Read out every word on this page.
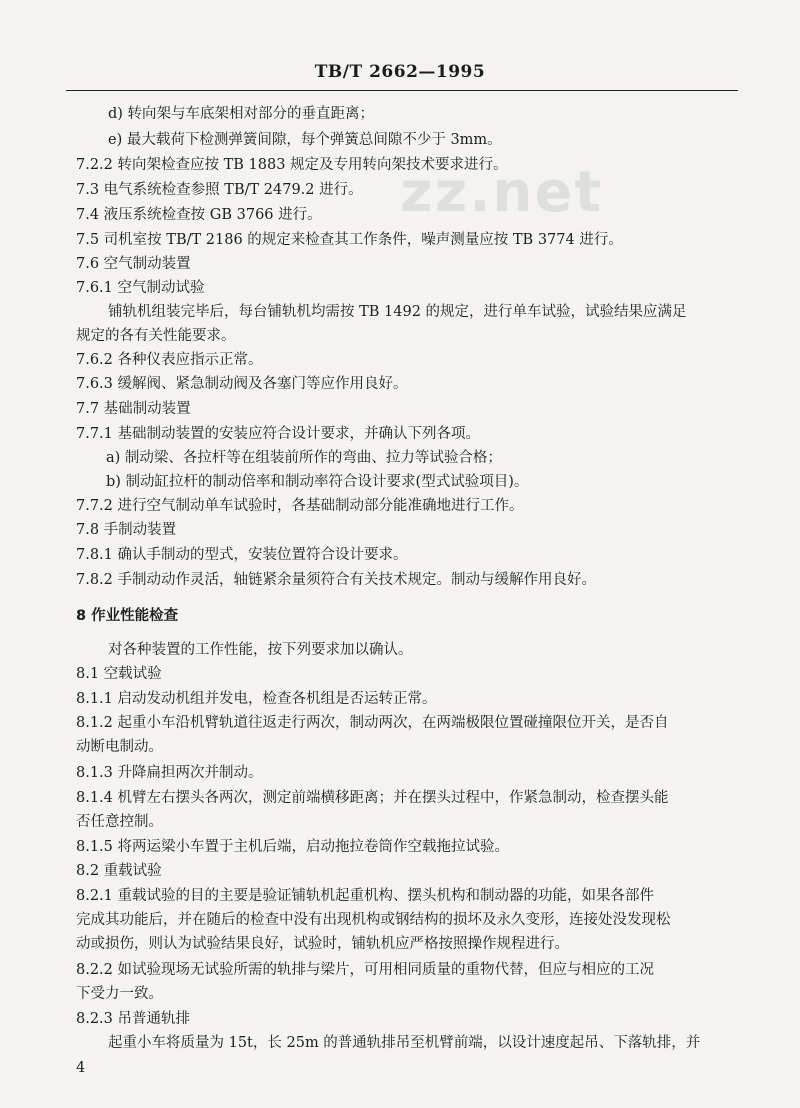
TB/T 2662—1995
zz.net
d) 转向架与车底架相对部分的垂直距离；
e) 最大载荷下检测弹簧间隙，每个弹簧总间隙不少于 3mm。
7.2.2 转向架检查应按 TB 1883 规定及专用转向架技术要求进行。
7.3 电气系统检查参照 TB/T 2479.2 进行。
7.4 液压系统检查按 GB 3766 进行。
7.5 司机室按 TB/T 2186 的规定来检查其工作条件，噪声测量应按 TB 3774 进行。
7.6 空气制动装置
7.6.1 空气制动试验
铺轨机组装完毕后，每台铺轨机均需按 TB 1492 的规定，进行单车试验，试验结果应满足
规定的各有关性能要求。
7.6.2 各种仪表应指示正常。
7.6.3 缓解阀、紧急制动阀及各塞门等应作用良好。
7.7 基础制动装置
7.7.1 基础制动装置的安装应符合设计要求，并确认下列各项。
a) 制动梁、各拉杆等在组装前所作的弯曲、拉力等试验合格；
b) 制动缸拉杆的制动倍率和制动率符合设计要求(型式试验项目)。
7.7.2 进行空气制动单车试验时，各基础制动部分能准确地进行工作。
7.8 手制动装置
7.8.1 确认手制动的型式，安装位置符合设计要求。
7.8.2 手制动动作灵活，轴链紧余量须符合有关技术规定。制动与缓解作用良好。
8 作业性能检查
对各种装置的工作性能，按下列要求加以确认。
8.1 空载试验
8.1.1 启动发动机组并发电，检查各机组是否运转正常。
8.1.2 起重小车沿机臂轨道往返走行两次，制动两次，在两端极限位置碰撞限位开关，是否自
动断电制动。
8.1.3 升降扁担两次并制动。
8.1.4 机臂左右摆头各两次，测定前端横移距离；并在摆头过程中，作紧急制动，检查摆头能
否任意控制。
8.1.5 将两运梁小车置于主机后端，启动拖拉卷筒作空载拖拉试验。
8.2 重载试验
8.2.1 重载试验的目的主要是验证铺轨机起重机构、摆头机构和制动器的功能，如果各部件
完成其功能后，并在随后的检查中没有出现机构或钢结构的损坏及永久变形，连接处没发现松
动或损伤，则认为试验结果良好，试验时，铺轨机应严格按照操作规程进行。
8.2.2 如试验现场无试验所需的轨排与梁片，可用相同质量的重物代替，但应与相应的工况
下受力一致。
8.2.3 吊普通轨排
起重小车将质量为 15t，长 25m 的普通轨排吊至机臂前端，以设计速度起吊、下落轨排，并
4
